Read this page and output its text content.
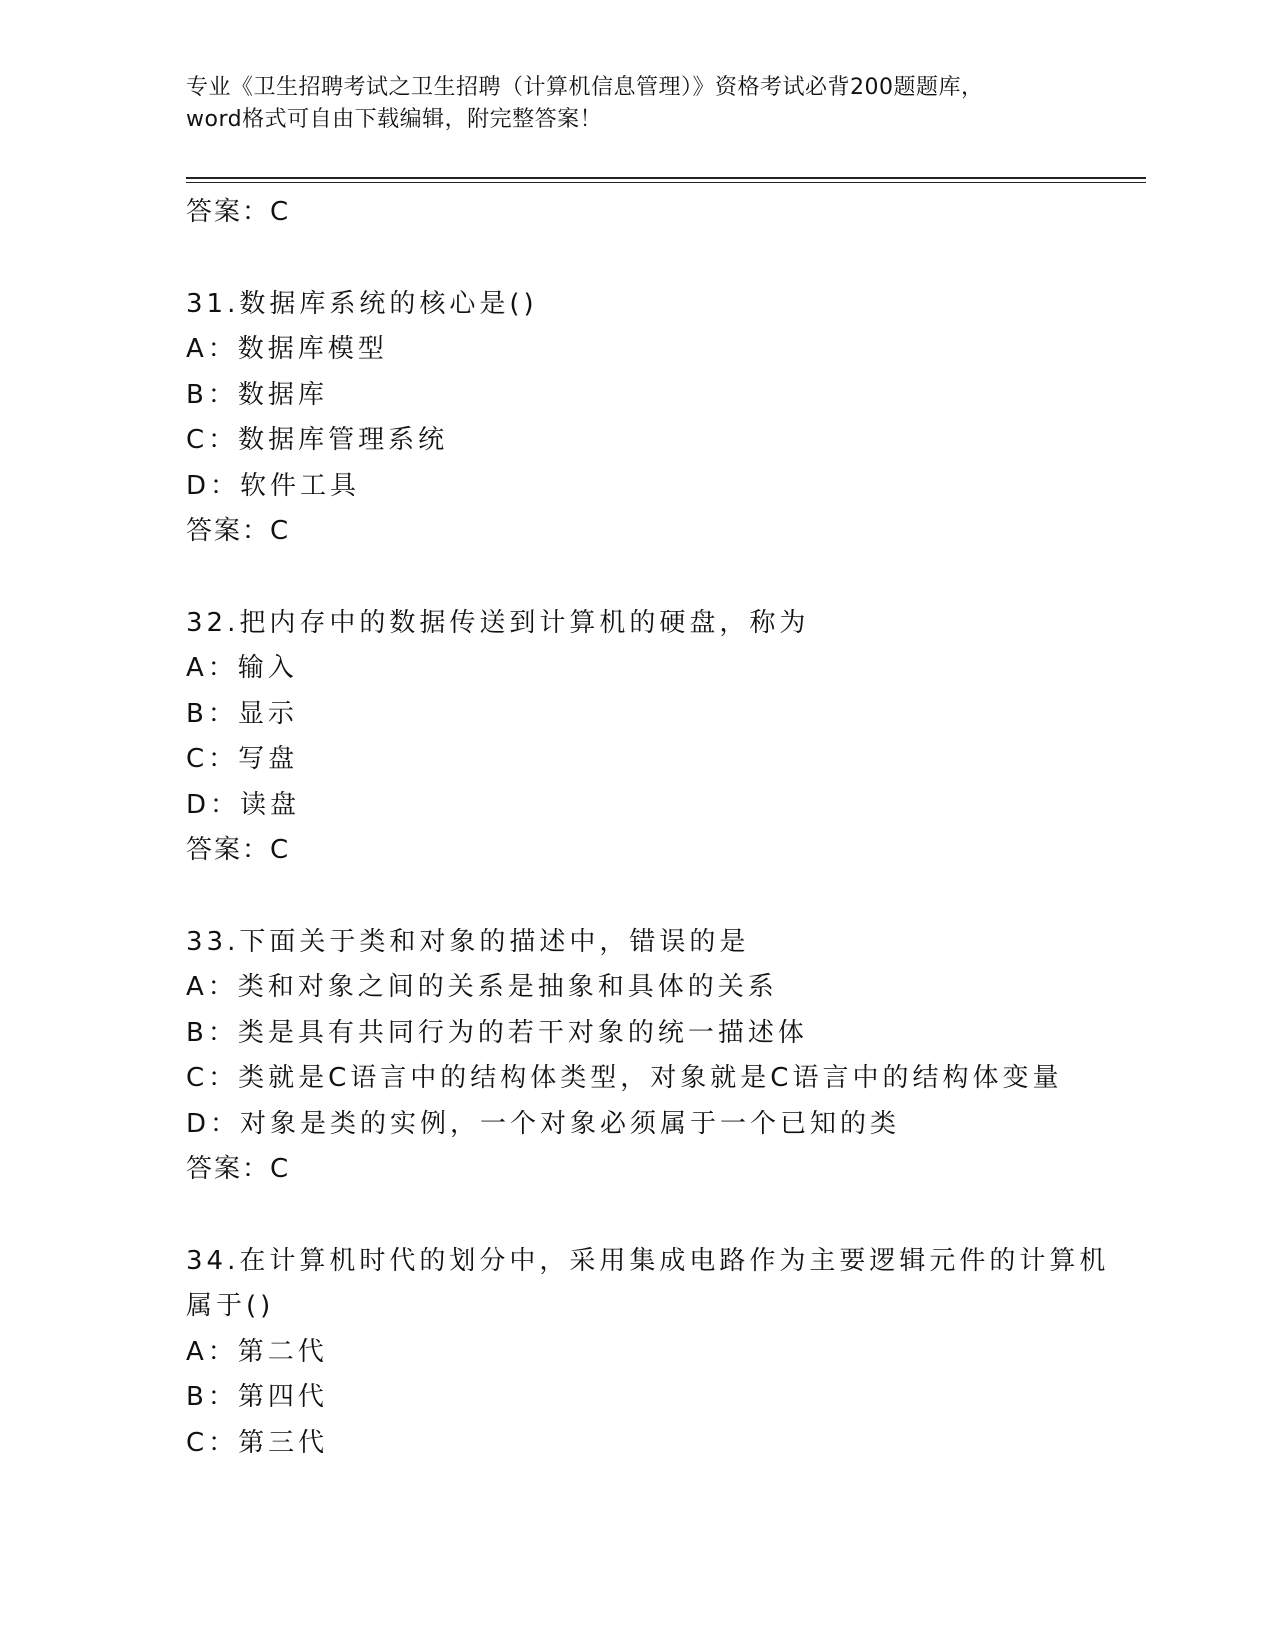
专业《卫生招聘考试之卫生招聘（计算机信息管理）》资格考试必背200题题库，
word格式可自由下载编辑，附完整答案！
答案：C
31.数据库系统的核心是()
A：数据库模型
B：数据库
C：数据库管理系统
D：软件工具
答案：C
32.把内存中的数据传送到计算机的硬盘，称为
A：输入
B：显示
C：写盘
D：读盘
答案：C
33.下面关于类和对象的描述中，错误的是
A：类和对象之间的关系是抽象和具体的关系
B：类是具有共同行为的若干对象的统一描述体
C：类就是C语言中的结构体类型，对象就是C语言中的结构体变量
D：对象是类的实例，一个对象必须属于一个已知的类
答案：C
34.在计算机时代的划分中，采用集成电路作为主要逻辑元件的计算机
属于()
A：第二代
B：第四代
C：第三代
